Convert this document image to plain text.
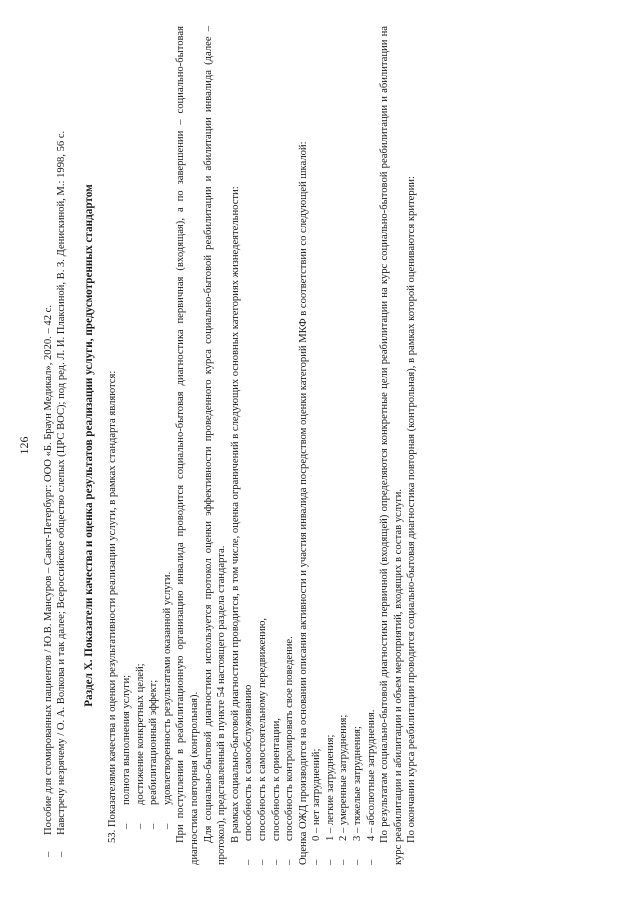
126

–
Пособие для стомированных пациентов / Ю.В. Мансуров – Санкт-Петербург: ООО «Б. Браун Медикал», 2020. – 42 с.

–
Навстречу незрячему / О. А. Волкова и так далее; Всероссийское общество слепых (ЦРС ВОС); под ред. Л. И. Плаксиной, В. З. Денискиной, М.: 1998, 56 с. Раздел X. Показатели качества и оценка результатов реализации услуги, предусмотренных стандартом 53. Показателями качества и оценки результативности реализации услуги, в рамках стандарта являются: –полнота выполнения услуги;

–достижение конкретных целей;

–реабилитационный эффект;

–удовлетворенность результатами оказанной услуги. При поступлении в реабилитационную организацию инвалида проводится социально-бытовая диагностика первичная (входящая), а по завершении – социально-бытовая диагностика повторная (контрольная). Для социально-бытовой диагностики используется протокол оценки эффективности проведенного курса социально-бытовой реабилитации и абилитации инвалида (далее – протокол), представленный в пункте 54 настоящего раздела стандарта. В рамках социально-бытовой диагностики проводится, в том числе, оценка ограничений в следующих основных категориях жизнедеятельности:

–способность к самообслуживанию

–способность к самостоятельному передвижению,

–способность к ориентации,

–способность контролировать свое поведение. Оценка ОЖД производится на основании описания активности и участия инвалида посредством оценки категорий МКФ в соответствии со следующей шкалой: –0 – нет затруднений;

–1 – легкие затруднения;

–2 – умеренные затруднения;

–3 – тяжелые затруднения;

–4 – абсолютные затруднения. По результатам социально-бытовой диагностики первичной (входящей) определяются конкретные цели реабилитации на курс социально-бытовой реабилитации и абилитации на курс реабилитации и абилитации и объем мероприятий, входящих в состав услуги. По окончании курса реабилитации проводится социально-бытовая диагностика повторная (контрольная), в рамках которой оцениваются критерии:
